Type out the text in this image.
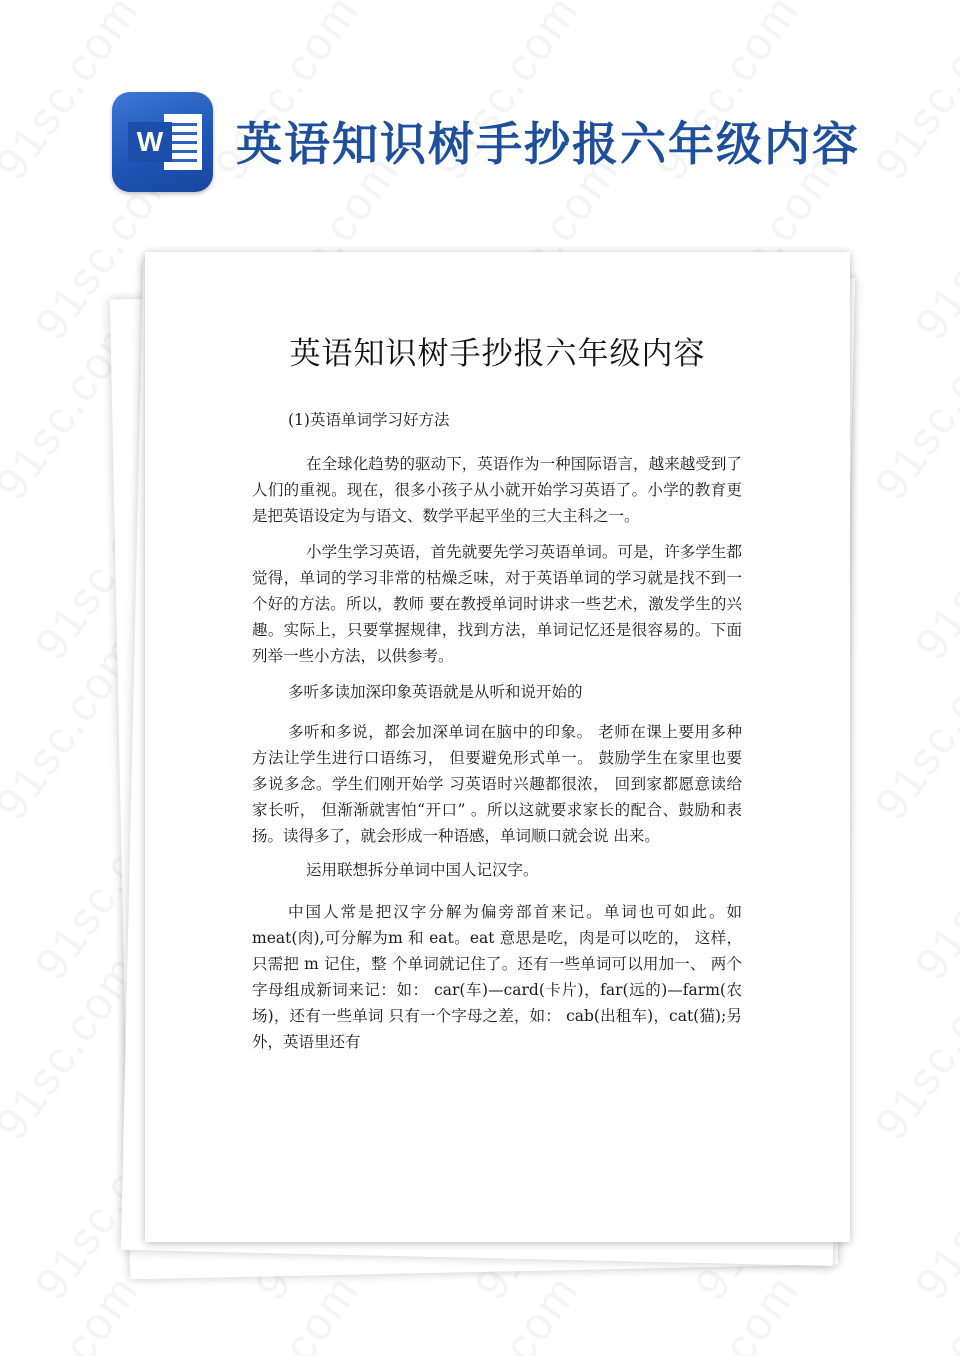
W 英语知识树手抄报六年级内容
英语知识树手抄报六年级内容

(1)英语单词学习好方法

在全球化趋势的驱动下，英语作为一种国际语言，越来越受到了人们的重视。现在，很多小孩子从小就开始学习英语了。小学的教育更是把英语设定为与语文、数学平起平坐的三大主科之一。

小学生学习英语，首先就要先学习英语单词。可是，许多学生都觉得，单词的学习非常的枯燥乏味，对于英语单词的学习就是找不到一个好的方法。所以，教师 要在教授单词时讲求一些艺术，激发学生的兴趣。实际上，只要掌握规律，找到方法，单词记忆还是很容易的。下面列举一些小方法，以供参考。

多听多读加深印象英语就是从听和说开始的

多听和多说，都会加深单词在脑中的印象。 老师在课上要用多种方法让学生进行口语练习， 但要避免形式单一。 鼓励学生在家里也要多说多念。学生们刚开始学 习英语时兴趣都很浓， 回到家都愿意读给家长听， 但渐渐就害怕“开口” 。所以这就要求家长的配合、鼓励和表扬。读得多了，就会形成一种语感，单词顺口就会说 出来。

运用联想拆分单词中国人记汉字。

中国人常是把汉字分解为偏旁部首来记。单词也可如此。如 meat(肉),可分解为m 和 eat。eat 意思是吃，肉是可以吃的， 这样，只需把 m 记住，整 个单词就记住了。还有一些单词可以用加一、 两个字母组成新词来记：如： car(车)—card(卡片)，far(远的)—farm(农场)，还有一些单词 只有一个字母之差，如： cab(出租车)，cat(猫);另外，英语里还有
